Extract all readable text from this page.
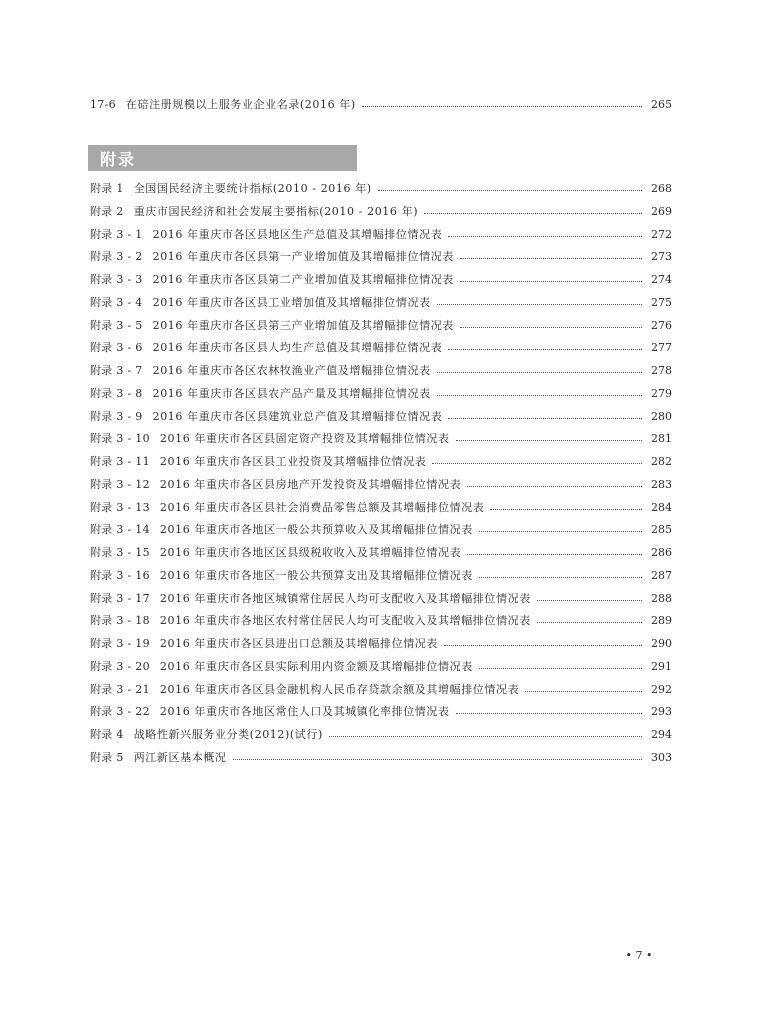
17-6 在碚注册规模以上服务业企业名录(2016 年)	265
附录
附录 1 全国国民经济主要统计指标(2010 - 2016 年)	268
附录 2 重庆市国民经济和社会发展主要指标(2010 - 2016 年)	269
附录 3 - 1 2016 年重庆市各区县地区生产总值及其增幅排位情况表	272
附录 3 - 2 2016 年重庆市各区县第一产业增加值及其增幅排位情况表	273
附录 3 - 3 2016 年重庆市各区县第二产业增加值及其增幅排位情况表	274
附录 3 - 4 2016 年重庆市各区县工业增加值及其增幅排位情况表	275
附录 3 - 5 2016 年重庆市各区县第三产业增加值及其增幅排位情况表	276
附录 3 - 6 2016 年重庆市各区县人均生产总值及其增幅排位情况表	277
附录 3 - 7 2016 年重庆市各区农林牧渔业产值及增幅排位情况表	278
附录 3 - 8 2016 年重庆市各区县农产品产量及其增幅排位情况表	279
附录 3 - 9 2016 年重庆市各区县建筑业总产值及其增幅排位情况表	280
附录 3 - 10 2016 年重庆市各区县固定资产投资及其增幅排位情况表	281
附录 3 - 11 2016 年重庆市各区县工业投资及其增幅排位情况表	282
附录 3 - 12 2016 年重庆市各区县房地产开发投资及其增幅排位情况表	283
附录 3 - 13 2016 年重庆市各区县社会消费品零售总额及其增幅排位情况表	284
附录 3 - 14 2016 年重庆市各地区一般公共预算收入及其增幅排位情况表	285
附录 3 - 15 2016 年重庆市各地区区县级税收收入及其增幅排位情况表	286
附录 3 - 16 2016 年重庆市各地区一般公共预算支出及其增幅排位情况表	287
附录 3 - 17 2016 年重庆市各地区城镇常住居民人均可支配收入及其增幅排位情况表	288
附录 3 - 18 2016 年重庆市各地区农村常住居民人均可支配收入及其增幅排位情况表	289
附录 3 - 19 2016 年重庆市各区县进出口总额及其增幅排位情况表	290
附录 3 - 20 2016 年重庆市各区县实际利用内资金额及其增幅排位情况表	291
附录 3 - 21 2016 年重庆市各区县金融机构人民币存贷款余额及其增幅排位情况表	292
附录 3 - 22 2016 年重庆市各地区常住人口及其城镇化率排位情况表	293
附录 4 战略性新兴服务业分类(2012)(试行)	294
附录 5 两江新区基本概况	303
• 7 •
